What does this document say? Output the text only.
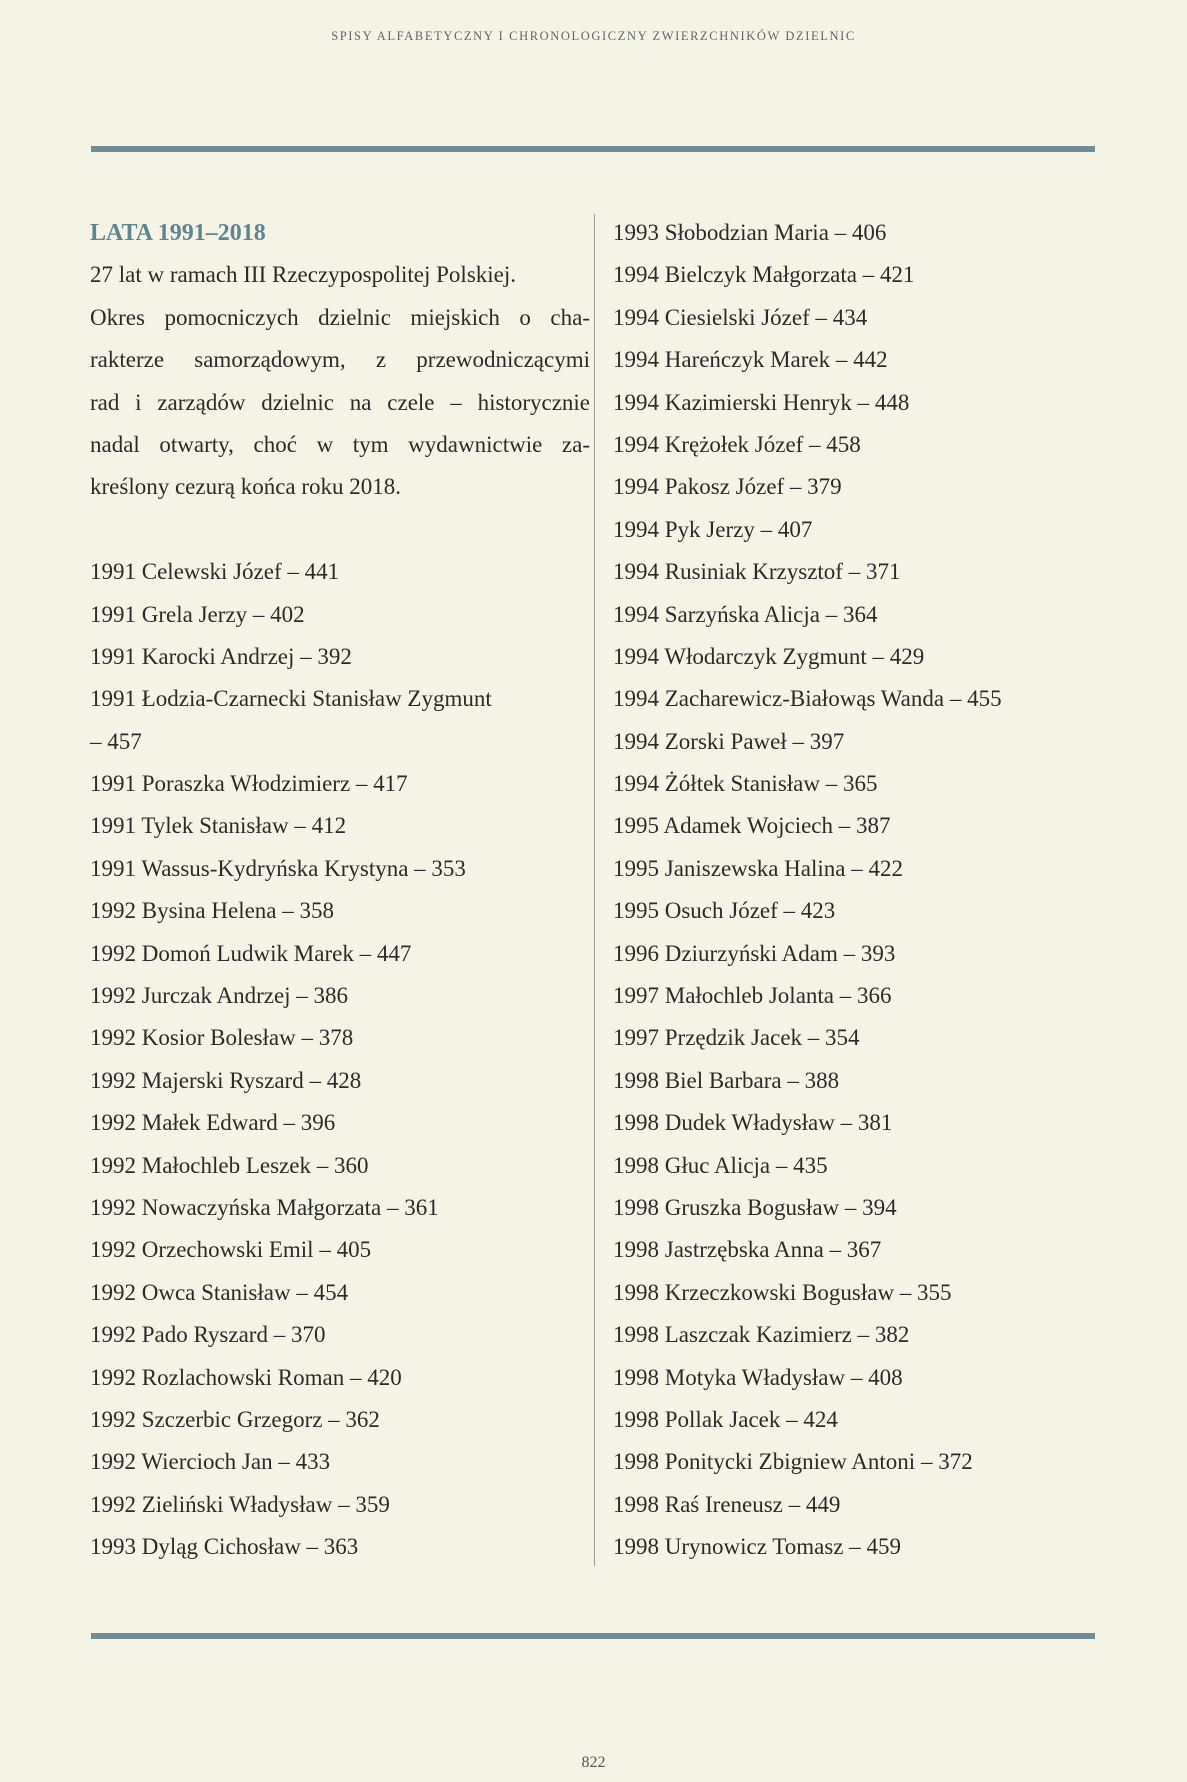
SPISY ALFABETYCZNY I CHRONOLOGICZNY ZWIERZCHNIKÓW DZIELNIC
LATA 1991–2018
27 lat w ramach III Rzeczypospolitej Polskiej.
Okres pomocniczych dzielnic miejskich o cha-
rakterze samorządowym, z przewodniczącymi
rad i zarządów dzielnic na czele – historycznie
nadal otwarty, choć w tym wydawnictwie za-
kreślony cezurą końca roku 2018.
1991 Celewski Józef – 441
1991 Grela Jerzy – 402
1991 Karocki Andrzej – 392
1991 Łodzia-Czarnecki Stanisław Zygmunt
– 457
1991 Poraszka Włodzimierz – 417
1991 Tylek Stanisław – 412
1991 Wassus-Kydryńska Krystyna – 353
1992 Bysina Helena – 358
1992 Domoń Ludwik Marek – 447
1992 Jurczak Andrzej – 386
1992 Kosior Bolesław – 378
1992 Majerski Ryszard – 428
1992 Małek Edward – 396
1992 Małochleb Leszek – 360
1992 Nowaczyńska Małgorzata – 361
1992 Orzechowski Emil – 405
1992 Owca Stanisław – 454
1992 Pado Ryszard – 370
1992 Rozlachowski Roman – 420
1992 Szczerbic Grzegorz – 362
1992 Wiercioch Jan – 433
1992 Zieliński Władysław – 359
1993 Dyląg Cichosław – 363
1993 Słobodzian Maria – 406
1994 Bielczyk Małgorzata – 421
1994 Ciesielski Józef – 434
1994 Hareńczyk Marek – 442
1994 Kazimierski Henryk – 448
1994 Krężołek Józef – 458
1994 Pakosz Józef – 379
1994 Pyk Jerzy – 407
1994 Rusiniak Krzysztof – 371
1994 Sarzyńska Alicja – 364
1994 Włodarczyk Zygmunt – 429
1994 Zacharewicz-Białowąs Wanda – 455
1994 Zorski Paweł – 397
1994 Żółtek Stanisław – 365
1995 Adamek Wojciech – 387
1995 Janiszewska Halina – 422
1995 Osuch Józef – 423
1996 Dziurzyński Adam – 393
1997 Małochleb Jolanta – 366
1997 Przędzik Jacek – 354
1998 Biel Barbara – 388
1998 Dudek Władysław – 381
1998 Głuc Alicja – 435
1998 Gruszka Bogusław – 394
1998 Jastrzębska Anna – 367
1998 Krzeczkowski Bogusław – 355
1998 Laszczak Kazimierz – 382
1998 Motyka Władysław – 408
1998 Pollak Jacek – 424
1998 Ponitycki Zbigniew Antoni – 372
1998 Raś Ireneusz – 449
1998 Urynowicz Tomasz – 459
822
